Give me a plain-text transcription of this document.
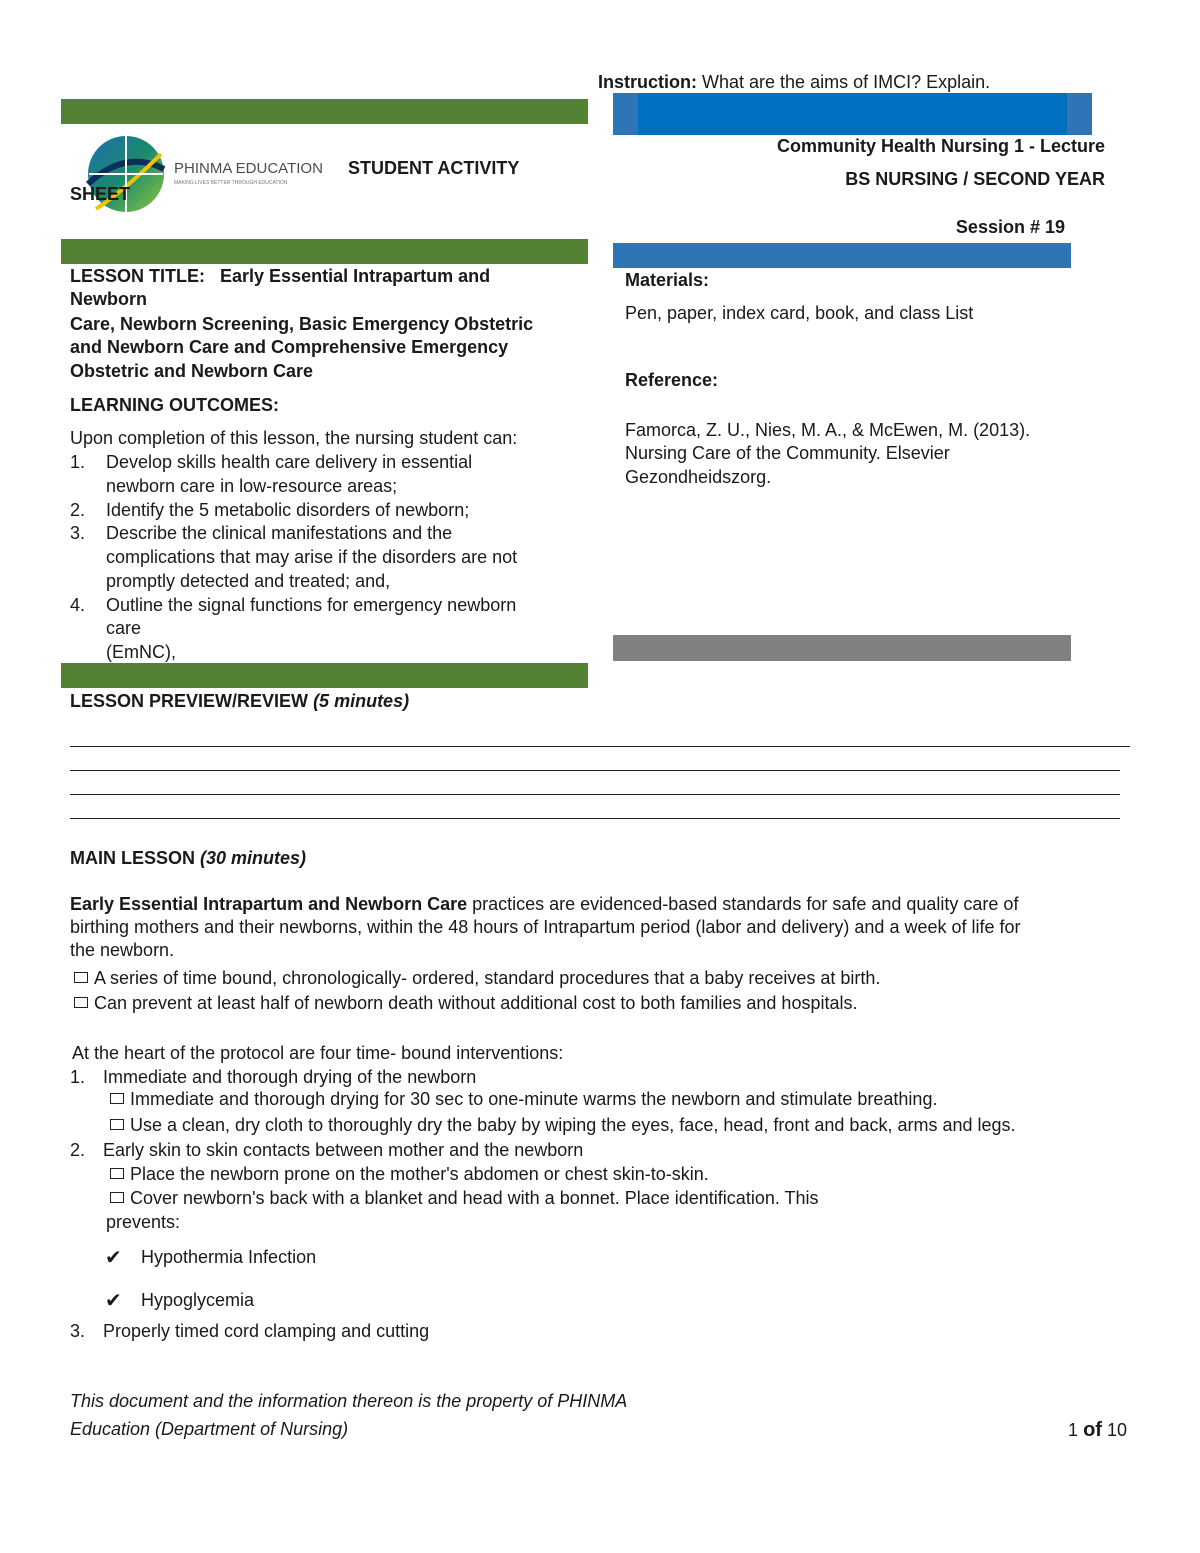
Instruction: What are the aims of IMCI? Explain.
PHINMA EDUCATION
MAKING LIVES BETTER THROUGH EDUCATION
STUDENT ACTIVITY
SHEET
Community Health Nursing 1 - Lecture
BS NURSING / SECOND YEAR
Session # 19
LESSON TITLE: Early Essential Intrapartum and
Newborn
Care, Newborn Screening, Basic Emergency Obstetric
and Newborn Care and Comprehensive Emergency
Obstetric and Newborn Care
LEARNING OUTCOMES:
Upon completion of this lesson, the nursing student can:
1. Develop skills health care delivery in essential
newborn care in low-resource areas;
2. Identify the 5 metabolic disorders of newborn;
3. Describe the clinical manifestations and the
complications that may arise if the disorders are not
promptly detected and treated; and,
4. Outline the signal functions for emergency newborn
care
(EmNC),
Materials:
Pen, paper, index card, book, and class List
Reference:
Famorca, Z. U., Nies, M. A., & McEwen, M. (2013).
Nursing Care of the Community. Elsevier
Gezondheidszorg.
LESSON PREVIEW/REVIEW (5 minutes)
MAIN LESSON (30 minutes)
Early Essential Intrapartum and Newborn Care practices are evidenced-based standards for safe and quality care of
birthing mothers and their newborns, within the 48 hours of Intrapartum period (labor and delivery) and a week of life for
the newborn.
A series of time bound, chronologically- ordered, standard procedures that a baby receives at birth.
Can prevent at least half of newborn death without additional cost to both families and hospitals.
At the heart of the protocol are four time- bound interventions:
1. Immediate and thorough drying of the newborn
Immediate and thorough drying for 30 sec to one-minute warms the newborn and stimulate breathing.
Use a clean, dry cloth to thoroughly dry the baby by wiping the eyes, face, head, front and back, arms and legs.
2. Early skin to skin contacts between mother and the newborn
Place the newborn prone on the mother's abdomen or chest skin-to-skin.
Cover newborn's back with a blanket and head with a bonnet. Place identification. This
prevents:
✔ Hypothermia Infection
✔ Hypoglycemia
3. Properly timed cord clamping and cutting
This document and the information thereon is the property of PHINMA
Education (Department of Nursing)	1 of 10
